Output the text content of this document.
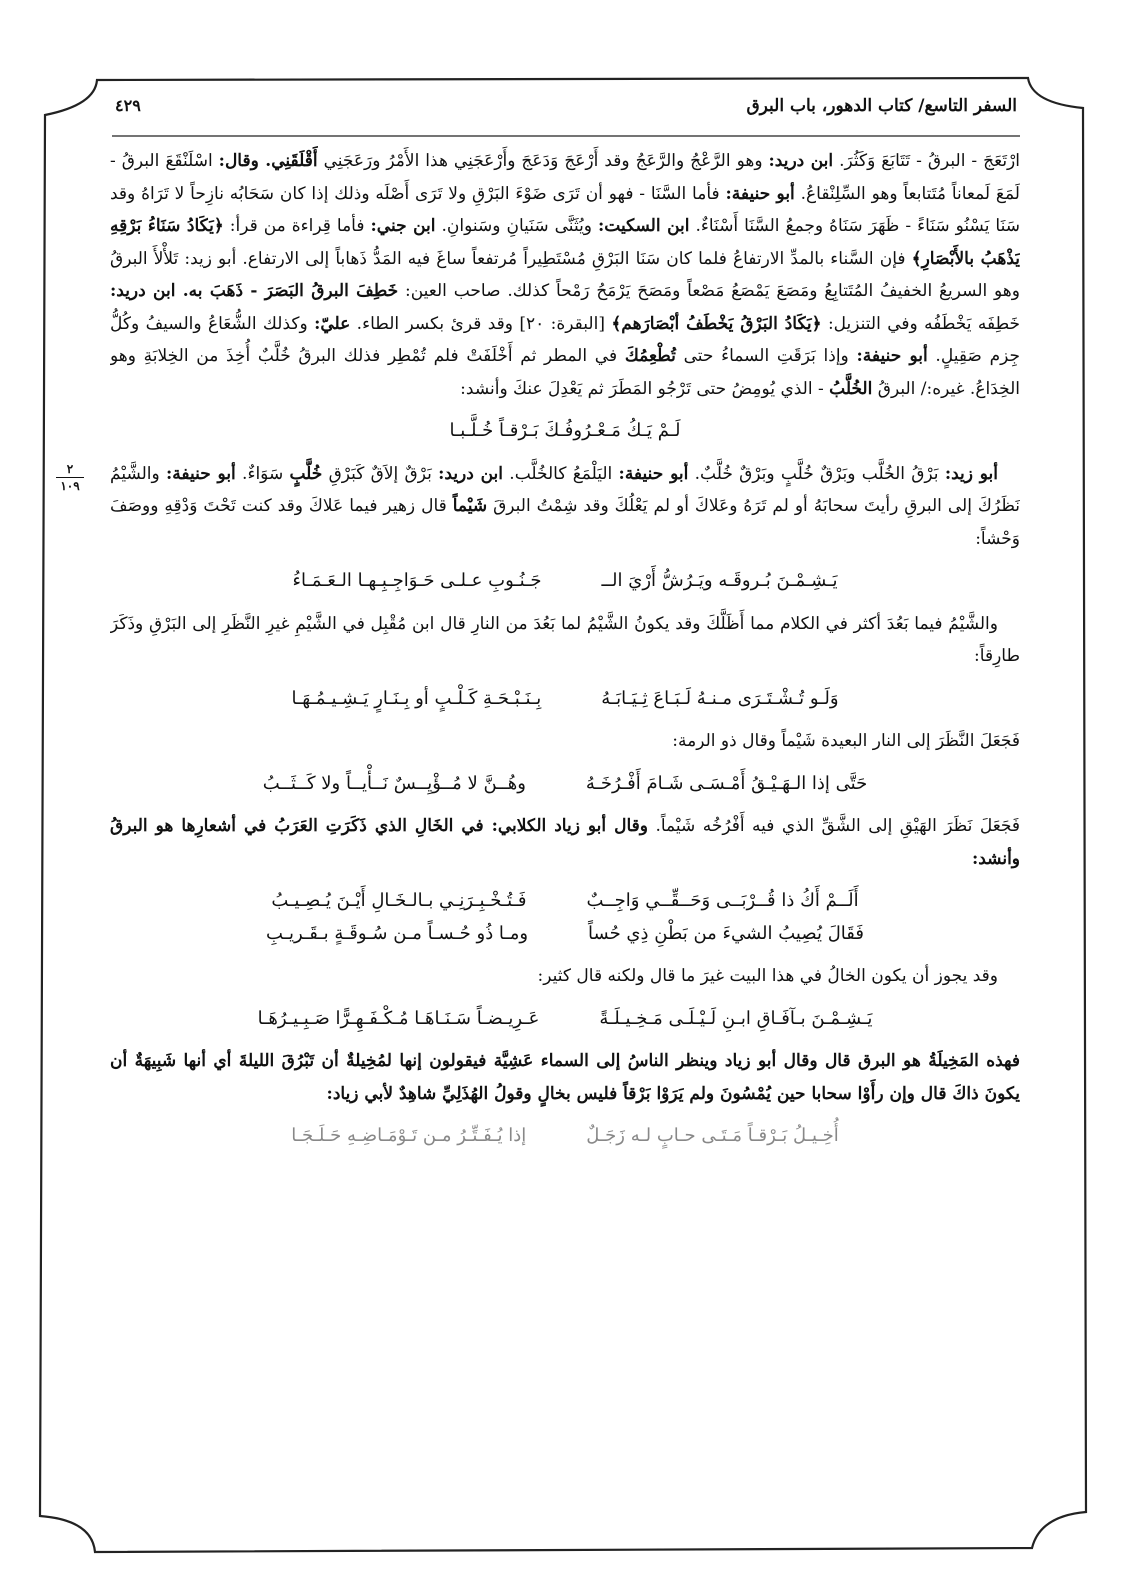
السفر التاسع/ كتاب الدهور، باب البرق
٤٢٩
٢
١٠٩

ارْتَعَجَ - البرقُ - تَتَابَعَ وَكَثُرَ. ابن دريد: وهو الرَّعْجُ والرَّعَجُ وقد أَرْعَجَ وَدَعَجَ وأَرْعَجَنِي هذا الأَمْرُ ورَعَجَنِي أَقْلَقَنِي. وقال: اسْلَنْقَعَ البرقُ - لَمَعَ لَمعاناً مُتَتابعاً وهو السِّلِنْقاعُ. أبو حنيفة: فأما السَّنَا - فهو أن تَرَى ضَوْءَ البَرْقِ ولا تَرَى أَصْلَه وذلك إذا كان سَحَابُه نازِحاً لا تَرَاهُ وقد سَنَا يَسْنُو سَنَاءً - ظَهَرَ سَنَاهُ وجمعُ السَّنَا أَسْنَاءٌ. ابن السكيت: ويُثَنَّى سَنَيانِ وسَنوانِ. ابن جني: فأما قِراءة من قرأ: ﴿يَكَادُ سَنَاءُ بَرْقِهِ يَذْهَبُ بالأَبْصَارِ﴾ فإن السَّناء بالمدِّ الارتفاعُ فلما كان سَنَا البَرْقِ مُسْتَطِيراً مُرتفعاً ساغَ فيه المَدُّ ذَهاباً إلى الارتفاع. أبو زيد: تَلأْلأَ البرقُ وهو السريعُ الخفيفُ المُتَتابِعُ ومَصَعَ يَمْصَعُ مَصْعاً ومَصَحَ يَرْمَحُ رَمْحاً كذلك. صاحب العين: خَطِفَ البرقُ البَصَرَ - ذَهَبَ به. ابن دريد: خَطِفَه يَخْطَفُه وفي التنزيل: ﴿يَكَادُ البَرْقُ يَخْطَفُ أبْصَارَهم﴾ [البقرة: ٢٠] وقد قرئ بكسر الطاء. عليّ: وكذلك الشُّعَاعُ والسيفُ وكُلُّ جِزم صَقِيلٍ. أبو حنيفة: وإذا بَرَقَتِ السماءُ حتى تُطْعِمُكَ في المطر ثم أَخْلَفَتْ فلم تُمْطِر فذلك البرقُ خُلَّبٌ أُخِذَ من الخِلابَةِ وهو الخِدَاعُ. غيره:/ البرقُ الخُلَّبُ - الذي يُومِضُ حتى تَرْجُو المَطَرَ ثم يَعْدِلَ عنكَ وأنشد:

لَـمْ يَـكُ مَـعْـرُوفُـكَ بَـرْقـاً خُـلَّـبـا

أبو زيد: بَرْقُ الخُلَّب وبَرْقٌ خُلَّبٍ وبَرْقٌ خُلَّبٌ. أبو حنيفة: اليَلْمَعُ كالخُلَّب. ابن دريد: بَرْقٌ إلاَقٌ كَبَرْقِ خُلَّبٍ سَوَاءٌ. أبو حنيفة: والشَّيْمُ نَظَرُكَ إلى البرقِ رأيتَ سحابَهُ أو لم تَرَهُ وعَلاكَ أو لم يَعْلُكَ وقد شِمْتُ البرقَ شَيْماً قال زهير فيما عَلاكَ وقد كنت تَحْتَ وَدْقِهِ ووصَفَ وَحْشاً:

يَـشِـمْـنَ بُـروقَـه ويَـرُشُّ أَرْيَ الــ
جَـنُـوبِ عـلـى حَـوَاجِـبِـهـا الـعَـمَـاءُ

والشَّيْمُ فيما بَعُدَ أكثر في الكلام مما أَظَلَّكَ وقد يكونُ الشَّيْمُ لما بَعُدَ من النارِ قال ابن مُقْبِل في الشَّيْمِ غيرِ النَّظَرِ إلى البَرْقِ وذَكَرَ طارِقاً:

وَلَـو تُـشْـتَـرَى مـنـهُ لَـبَـاعَ ثِـيَـابَـهُ
بِـنَـبْـحَـةِ كَـلْـبٍ أو بِـنَـارٍ يَـشِـيـمُـهَـا

فَجَعَلَ النَّظَرَ إلى النار البعيدة شَيْماً وقال ذو الرمة:

حَتَّى إذا الـهَـيْـقُ أَمْـسَـى شَـامَ أَفْـرُخَـهُ
وهُــنَّ لا مُــؤْيِــسٌ نَــأْيــاً ولا كَــثَــبُ

فَجَعَلَ نَظَرَ الهَيْقِ إلى الشَّقِّ الذي فيه أَفْرُخُه شَيْماً. وقال أبو زياد الكلابي: في الخَالِ الذي ذَكَرَتِ العَرَبُ في أشعارِها هو البرقُ وأنشد:

أَلَــمْ أَكُ ذا قُــرْبَــى وَحَــقِّــي وَاجِــبٌ
فَـتُـخْـبِـرَنِـي بـالـخَـالِ أَيْـنَ يُـصِـيـبُ
فَقَالَ يُصِيبُ الشيءَ من بَطْنِ ذِي حُساً
ومـا ذُو حُـسـاً مـن سُـوقَـةٍ بـقَـريـبِ

وقد يجوز أن يكون الخالُ في هذا البيت غيرَ ما قال ولكنه قال كثير:

يَـشِـمْـنَ بـآفَـاقِ ابـنِ لَـيْـلَـى مَـخِـيـلَـةً
عَـرِيـضـاً سَـنَـاهَـا مُـكْـفَـهِـرًّا صَـبِـيـرُهَـا

فهذه المَخِيلَةُ هو البرق قال وقال أبو زياد وينظر الناسُ إلى السماء عَشِيَّة فيقولون إنها لمُخِيلةٌ أن تَبْرُقَ الليلةَ أي أنها شَبِيهَةٌ أن يكونَ ذاكَ قال وإن رأَوْا سحابا حين يُمْسُونَ ولم يَرَوْا بَرْقاً فليس بخالٍ وقولُ الهُذَلِيِّ شاهِدٌ لأبي زياد:

أُخِـيـلُ بَـرْقـاً مَـتَـى حـابٍ لـه زَجَـلٌ
إذا يُـفَـتِّـرُ مـن تَـوْمَـاضِـهِ حَـلَـجَـا
